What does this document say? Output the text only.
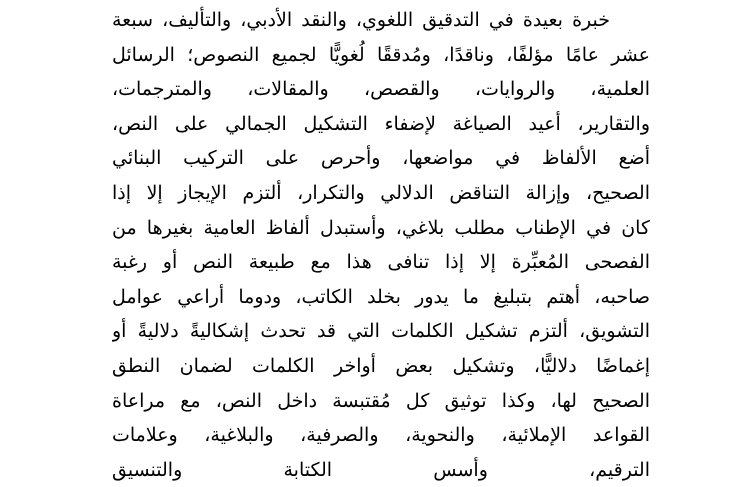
خبرة بعيدة في التدقيق اللغوي، والنقد الأدبي، والتأليف، سبعة
عشر عامًا مؤلفًا، وناقدًا، ومُدققًا لُغويًّا لجميع النصوص؛ الرسائل
العلمية، والروايات، والقصص، والمقالات، والمترجمات،
والتقارير، أعيد الصياغة لإضفاء التشكيل الجمالي على النص،
أضع الألفاظ في مواضعها، وأحرص على التركيب البنائي
الصحيح، وإزالة التناقض الدلالي والتكرار، ألتزم الإيجاز إلا إذا
كان في الإطناب مطلب بلاغي، وأستبدل ألفاظ العامية بغيرها من
الفصحى المُعبِّرة إلا إذا تنافى هذا مع طبيعة النص أو رغبة
صاحبه، أهتم بتبليغ ما يدور بخلد الكاتب، ودوما أراعي عوامل
التشويق، ألتزم تشكيل الكلمات التي قد تحدث إشكاليةً دلاليةً أو
إغماضًا دلاليًّا، وتشكيل بعض أواخر الكلمات لضمان النطق
الصحيح لها، وكذا توثيق كل مُقتبسة داخل النص، مع مراعاة
القواعد الإملائية، والنحوية، والصرفية، والبلاغية، وعلامات
الترقيم، وأسس الكتابة والتنسيق
